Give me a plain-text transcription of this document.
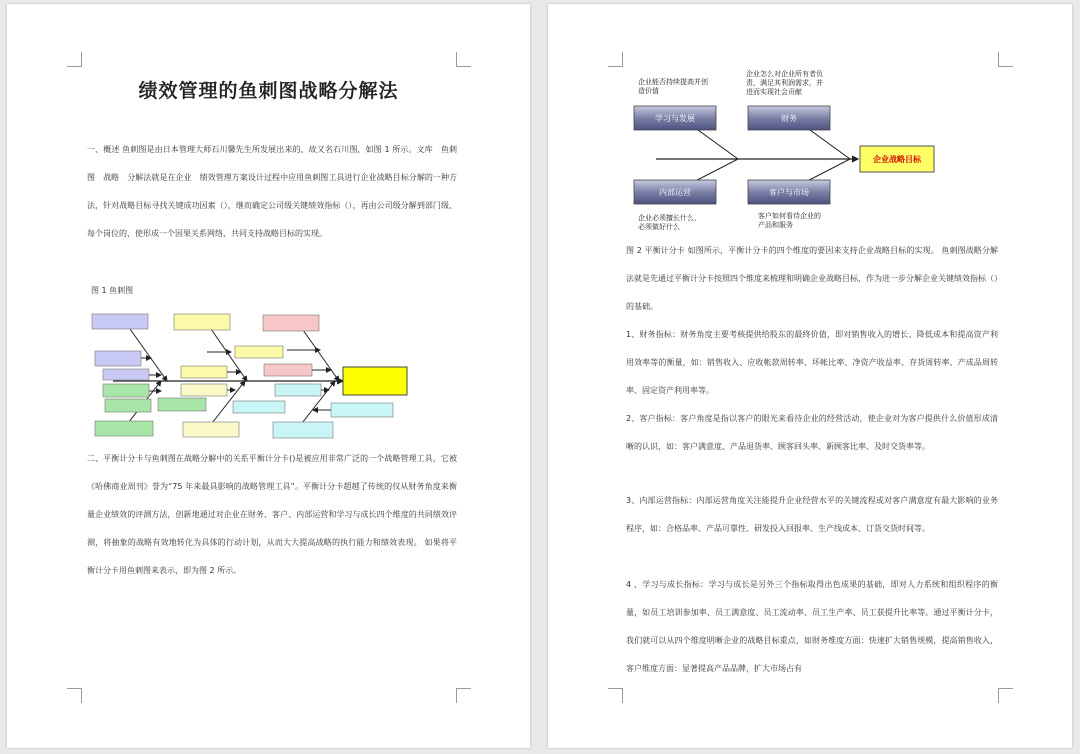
绩效管理的鱼刺图战略分解法

一、概述 鱼刺图是由日本管理大师石川馨先生所发展出来的，故又名石川图，如图 1 所示。文库　鱼刺图　战略　分解法就是在企业　绩效管理方案设计过程中应用鱼刺图工具进行企业战略目标分解的一种方法，针对战略目标寻找关键成功因素（），继而确定公司级关键绩效指标（），再由公司级分解到部门级、每个岗位的，使形成一个因果关系网络，共同支持战略目标的实现。

图 1 鱼刺图

二、平衡计分卡与鱼刺图在战略分解中的关系平衡计分卡()是被应用非常广泛的一个战略管理工具，它被《哈佛商业周刊》誉为“75 年来最具影响的战略管理工具”。平衡计分卡超越了传统的仅从财务角度来衡量企业绩效的评测方法，创新地通过对企业在财务、客户、内部运营和学习与成长四个维度的共同绩效评测，将抽象的战略有效地转化为具体的行动计划，从而大大提高战略的执行能力和绩效表现。 如果将平衡计分卡用鱼刺图来表示，即为图 2 所示。

企业能否持续提高并创 造价值
企业怎么对企业所有者负 责，满足其利润需求，并 进而实现社会贡献
学习与发展	财务
内部运营	客户与市场
企业战略目标
企业必须擅长什么， 必须做好什么
客户如何看待企业的 产品和服务

图 2 平衡计分卡 如图所示，平衡计分卡的四个维度的要因来支持企业战略目标的实现。 鱼刺图战略分解法就是先通过平衡计分卡按照四个维度来梳理和明确企业战略目标，作为进一步分解企业关键绩效指标（）的基础。

1、财务指标：财务角度主要考核提供给股东的最终价值，即对销售收入的增长、降低成本和提高资产利用效率等的衡量，如：销售收入、应收帐款周转率、坏帐比率、净资产收益率、存货周转率、产成品周转率、固定资产利用率等。

2、客户指标：客户角度是指以客户的眼光来看待企业的经营活动，使企业对为客户提供什么价值形成清晰的认识，如：客户满意度、产品退货率、顾客回头率、新顾客比率、及时交货率等。

3、内部运营指标：内部运营角度关注能提升企业经营水平的关键流程或对客户满意度有最大影响的业务程序，如：合格品率、产品可靠性、研发投入回报率、生产线成本、订货交货时间等。

4 、学习与成长指标：学习与成长是另外三个指标取得出色成果的基础，即对人力系统和组织程序的衡量，如员工培训参加率、员工满意度、员工流动率、员工生产率、员工获提升比率等。通过平衡计分卡，我们就可以从四个维度明晰企业的战略目标重点，如财务维度方面：快速扩大销售规模，提高销售收入，客户维度方面：显著提高产品品牌，扩大市场占有
